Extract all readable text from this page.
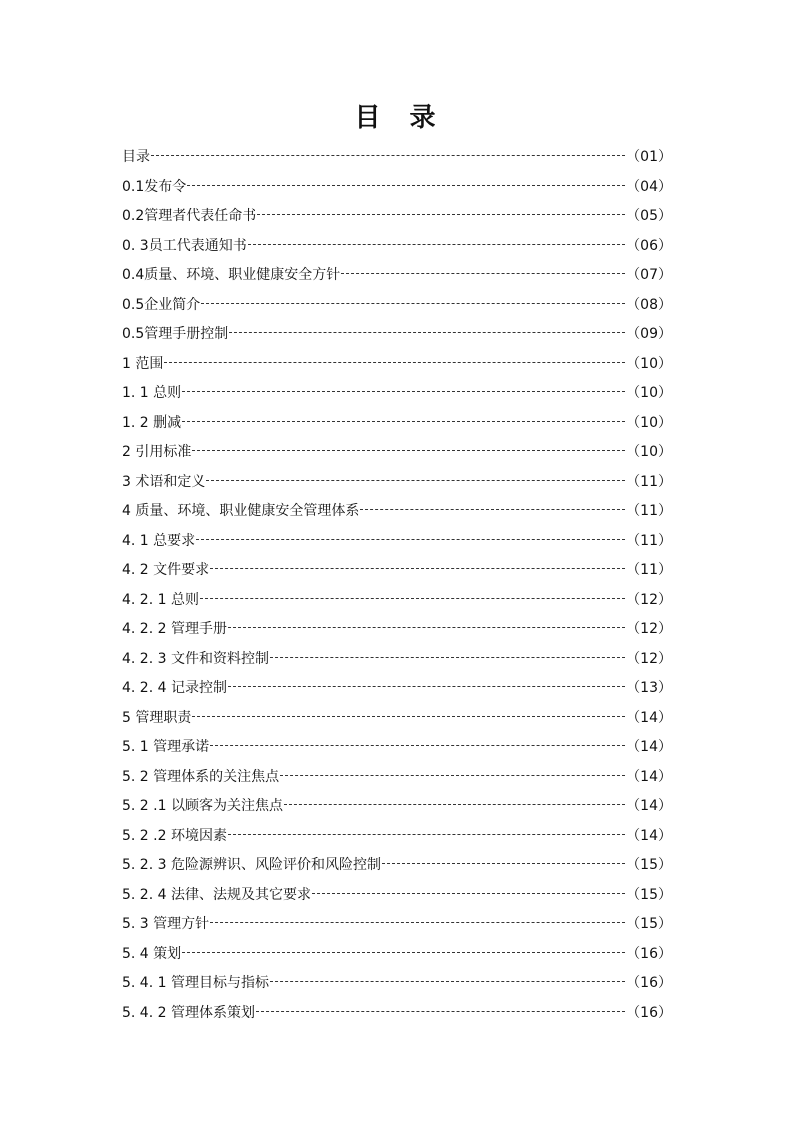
目 录
目录	（01）
0.1发布令	（04）
0.2管理者代表任命书	（05）
0. 3员工代表通知书	（06）
0.4质量、环境、职业健康安全方针	（07）
0.5企业简介	（08）
0.5管理手册控制	（09）
1 范围	（10）
1. 1 总则	（10）
1. 2 删减	（10）
2 引用标准	（10）
3 术语和定义	（11）
4 质量、环境、职业健康安全管理体系	（11）
4. 1 总要求	（11）
4. 2 文件要求	（11）
4. 2. 1 总则	（12）
4. 2. 2 管理手册	（12）
4. 2. 3 文件和资料控制	（12）
4. 2. 4 记录控制	（13）
5 管理职责	（14）
5. 1 管理承诺	（14）
5. 2 管理体系的关注焦点	（14）
5. 2 .1 以顾客为关注焦点	（14）
5. 2 .2 环境因素	（14）
5. 2. 3 危险源辨识、风险评价和风险控制	（15）
5. 2. 4 法律、法规及其它要求	（15）
5. 3 管理方针	（15）
5. 4 策划	（16）
5. 4. 1 管理目标与指标	（16）
5. 4. 2 管理体系策划	（16）
